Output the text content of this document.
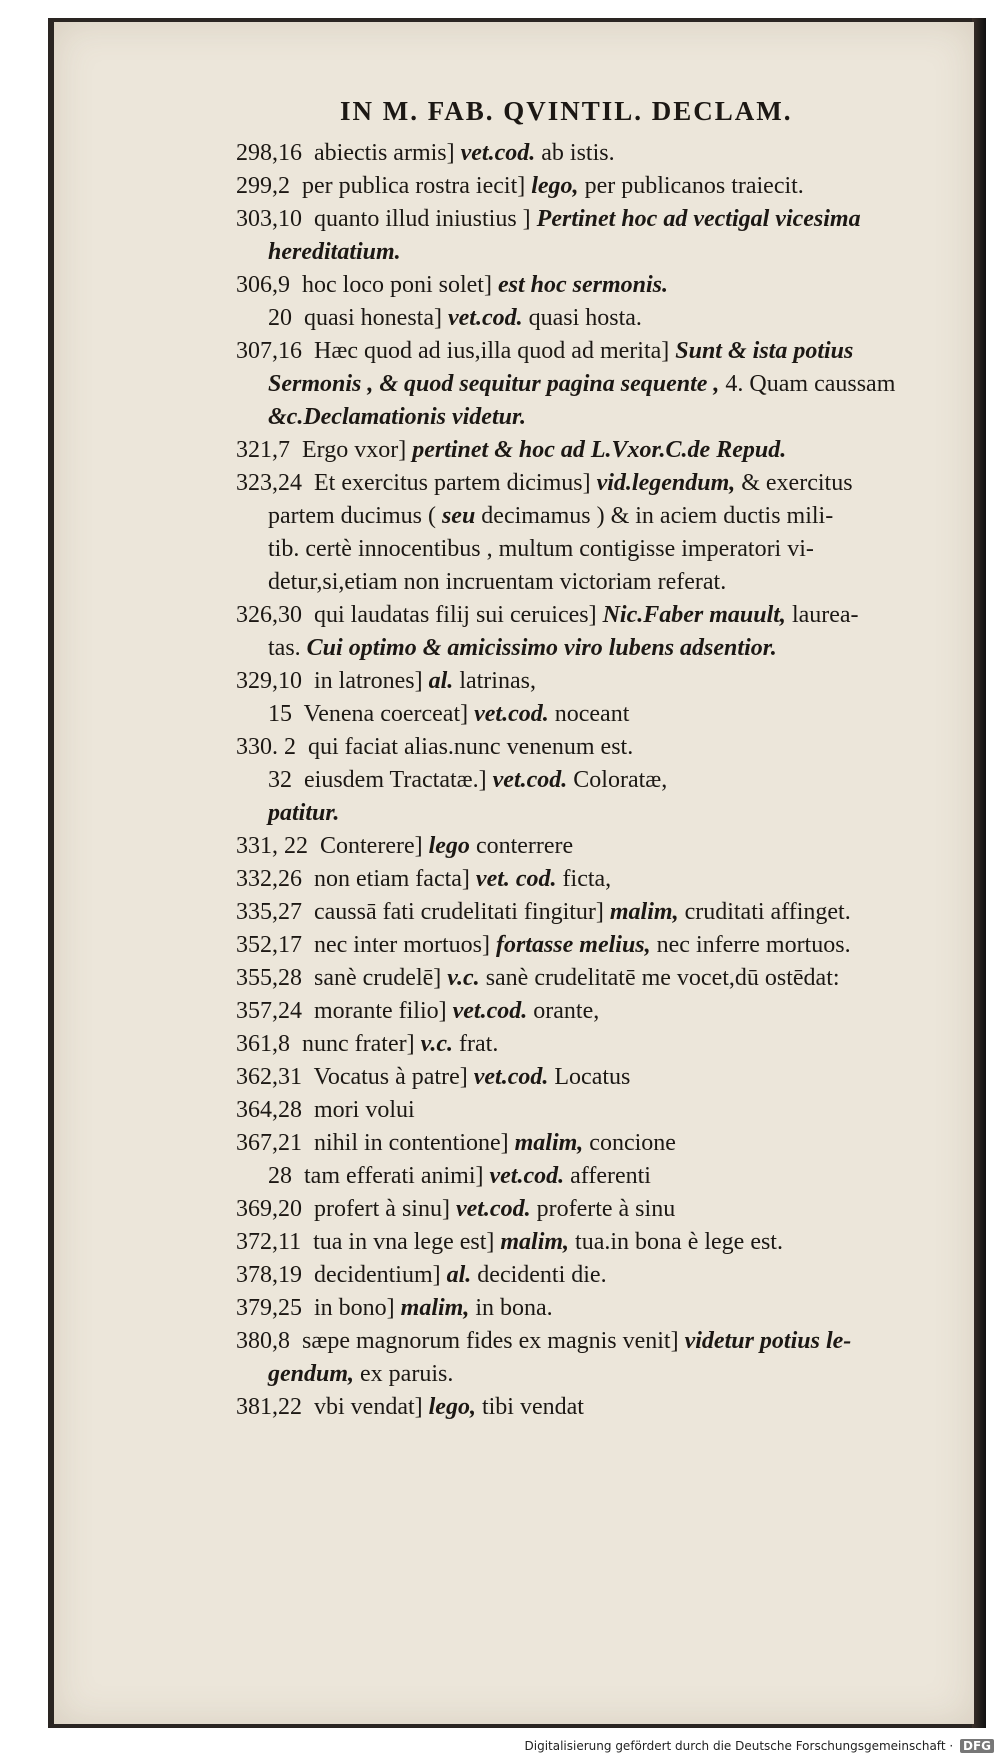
IN M. FAB. QVINTIL. DECLAM.
298,16 abiectis armis] vet.cod. ab istis.
299,2 per publica rostra iecit] lego, per publicanos traiecit.
303,10 quanto illud iniustius ] Pertinet hoc ad vectigal vicesima
hereditatium.
306,9 hoc loco poni solet] est hoc sermonis.
20 quasi honesta] vet.cod. quasi hosta.
307,16 Hæc quod ad ius,illa quod ad merita] Sunt & ista potius
Sermonis , & quod sequitur pagina sequente , 4. Quam caussam
&c.Declamationis videtur.
321,7 Ergo vxor] pertinet & hoc ad L.Vxor.C.de Repud.
323,24 Et exercitus partem dicimus] vid.legendum, & exercitus
partem ducimus ( seu decimamus ) & in aciem ductis mili-
tib. certè innocentibus , multum contigisse imperatori vi-
detur,si,etiam non incruentam victoriam referat.
326,30 qui laudatas filij sui ceruices] Nic.Faber mauult, laurea-
tas. Cui optimo & amicissimo viro lubens adsentior.
329,10 in latrones] al. latrinas,
15 Venena coerceat] vet.cod. noceant
330. 2 qui faciat alias.nunc venenum est.
32 eiusdem Tractatæ.] vet.cod. Coloratæ,
patitur.
331, 22 Conterere] lego conterrere
332,26 non etiam facta] vet. cod. ficta,
335,27 caussā fati crudelitati fingitur] malim, cruditati affinget.
352,17 nec inter mortuos] fortasse melius, nec inferre mortuos.
355,28 sanè crudelē] v.c. sanè crudelitatē me vocet,dū ostēdat:
357,24 morante filio] vet.cod. orante,
361,8 nunc frater] v.c. frat.
362,31 Vocatus à patre] vet.cod. Locatus
364,28 mori volui
367,21 nihil in contentione] malim, concione
28 tam efferati animi] vet.cod. afferenti
369,20 profert à sinu] vet.cod. proferte à sinu
372,11 tua in vna lege est] malim, tua.in bona è lege est.
378,19 decidentium] al. decidenti die.
379,25 in bono] malim, in bona.
380,8 sæpe magnorum fides ex magnis venit] videtur potius le-
gendum, ex paruis.
381,22 vbi vendat] lego, tibi vendat
Digitalisierung gefördert durch die Deutsche Forschungsgemeinschaft · DFG
